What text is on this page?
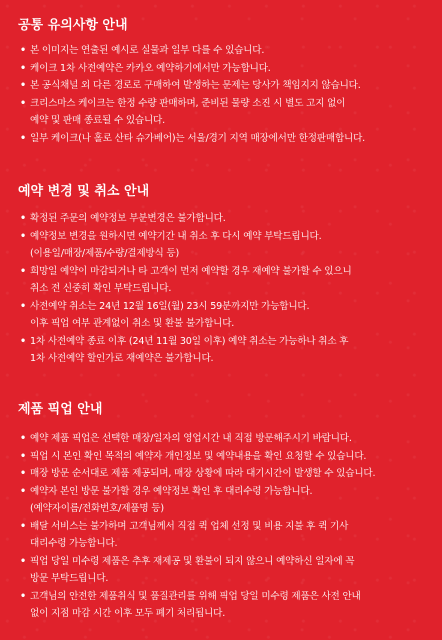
공통 유의사항 안내
• 본 이미지는 연출된 예시로 실물과 일부 다를 수 있습니다.
• 케이크 1차 사전예약은 카카오 예약하기에서만 가능합니다.
• 본 공식채널 외 다른 경로로 구매하여 발생하는 문제는 당사가 책임지지 않습니다.
• 크리스마스 케이크는 한정 수량 판매하며, 준비된 물량 소진 시 별도 고지 없이
예약 및 판매 종료될 수 있습니다.
• 일부 케이크(나 홀로 산타 슈가베어)는 서울/경기 지역 매장에서만 한정판매합니다.
예약 변경 및 취소 안내
• 확정된 주문의 예약정보 부분변경은 불가합니다.
• 예약정보 변경을 원하시면 예약기간 내 취소 후 다시 예약 부탁드립니다.
(이용일/매장/제품/수량/결제방식 등)
• 희망일 예약이 마감되거나 타 고객이 먼저 예약할 경우 재예약 불가할 수 있으니
취소 전 신중히 확인 부탁드립니다.
• 사전예약 취소는 24년 12월 16일(월) 23시 59분까지만 가능합니다.
이후 픽업 여부 관계없이 취소 및 환불 불가합니다.
• 1차 사전예약 종료 이후 (24년 11월 30일 이후) 예약 취소는 가능하나 취소 후
1차 사전예약 할인가로 재예약은 불가합니다.
제품 픽업 안내
• 예약 제품 픽업은 선택한 매장/일자의 영업시간 내 직접 방문해주시기 바랍니다.
• 픽업 시 본인 확인 목적의 예약자 개인정보 및 예약내용을 확인 요청할 수 있습니다.
• 매장 방문 순서대로 제품 제공되며, 매장 상황에 따라 대기시간이 발생할 수 있습니다.
• 예약자 본인 방문 불가할 경우 예약정보 확인 후 대리수령 가능합니다.
(예약자이름/전화번호/제품명 등)
• 배달 서비스는 불가하며 고객님께서 직접 퀵 업체 선정 및 비용 지불 후 퀵 기사
대리수령 가능합니다.
• 픽업 당일 미수령 제품은 추후 재제공 및 환불이 되지 않으니 예약하신 일자에 꼭
방문 부탁드립니다.
• 고객님의 안전한 제품취식 및 품질관리를 위해 픽업 당일 미수령 제품은 사전 안내
없이 지점 마감 시간 이후 모두 폐기 처리됩니다.
